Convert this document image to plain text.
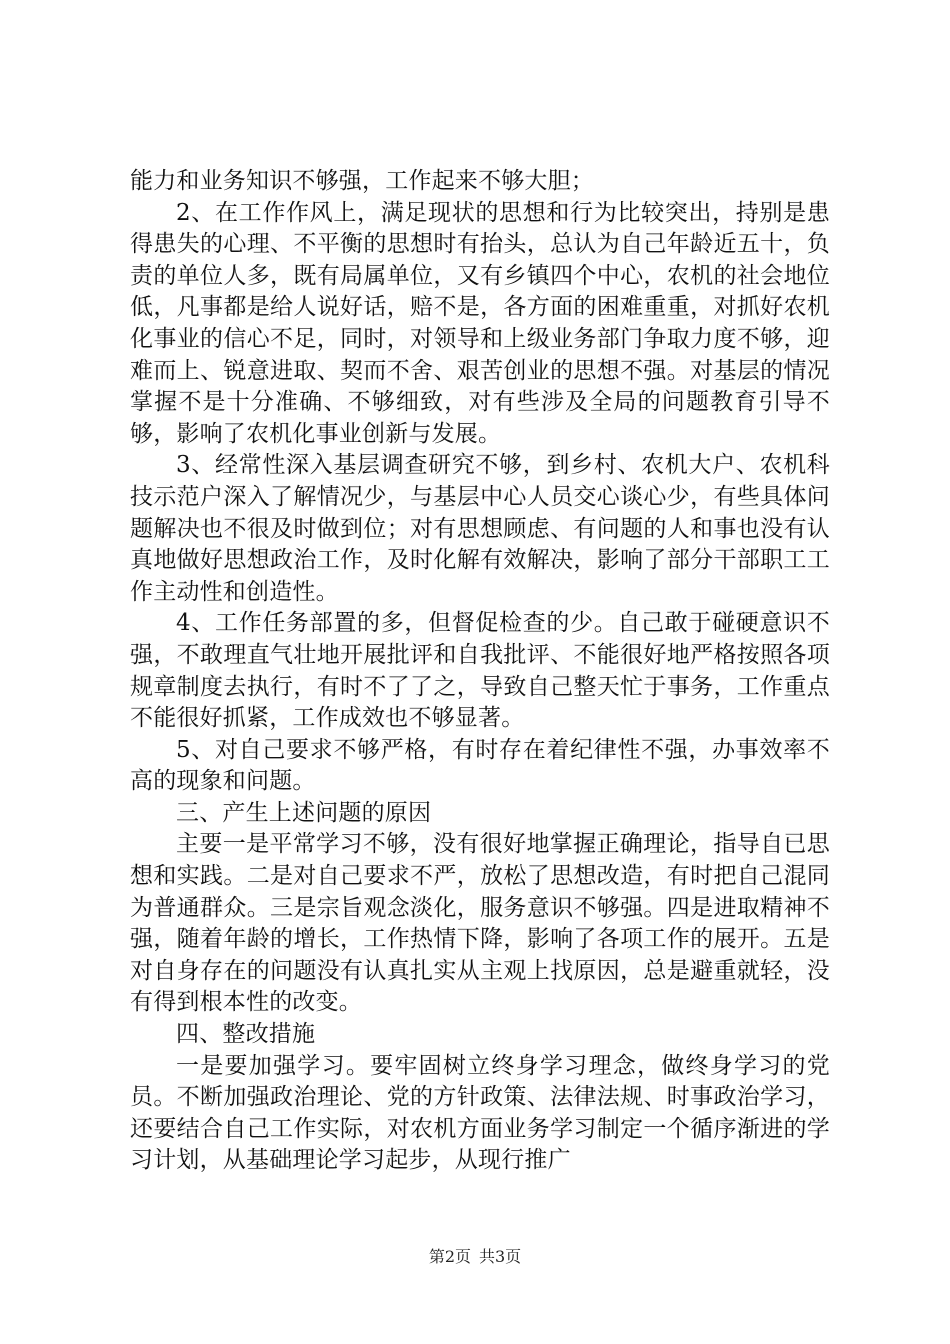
能力和业务知识不够强，工作起来不够大胆；

2、在工作作风上，满足现状的思想和行为比较突出，持别是患得患失的心理、不平衡的思想时有抬头，总认为自己年龄近五十，负责的单位人多，既有局属单位，又有乡镇四个中心，农机的社会地位低，凡事都是给人说好话，赔不是，各方面的困难重重，对抓好农机化事业的信心不足，同时，对领导和上级业务部门争取力度不够，迎难而上、锐意进取、契而不舍、艰苦创业的思想不强。对基层的情况掌握不是十分准确、不够细致，对有些涉及全局的问题教育引导不够，影响了农机化事业创新与发展。

3、经常性深入基层调查研究不够，到乡村、农机大户、农机科技示范户深入了解情况少，与基层中心人员交心谈心少，有些具体问题解决也不很及时做到位；对有思想顾虑、有问题的人和事也没有认真地做好思想政治工作，及时化解有效解决，影响了部分干部职工工作主动性和创造性。

4、工作任务部置的多，但督促检查的少。自己敢于碰硬意识不强，不敢理直气壮地开展批评和自我批评、不能很好地严格按照各项规章制度去执行，有时不了了之，导致自己整天忙于事务，工作重点不能很好抓紧，工作成效也不够显著。

5、对自己要求不够严格，有时存在着纪律性不强，办事效率不高的现象和问题。

三、产生上述问题的原因

主要一是平常学习不够，没有很好地掌握正确理论，指导自已思想和实践。二是对自己要求不严，放松了思想改造，有时把自己混同为普通群众。三是宗旨观念淡化，服务意识不够强。四是进取精神不强，随着年龄的增长，工作热情下降，影响了各项工作的展开。五是对自身存在的问题没有认真扎实从主观上找原因，总是避重就轻，没有得到根本性的改变。

四、整改措施

一是要加强学习。要牢固树立终身学习理念，做终身学习的党员。不断加强政治理论、党的方针政策、法律法规、时事政治学习，还要结合自己工作实际，对农机方面业务学习制定一个循序渐进的学习计划，从基础理论学习起步，从现行推广

第2页 共3页
